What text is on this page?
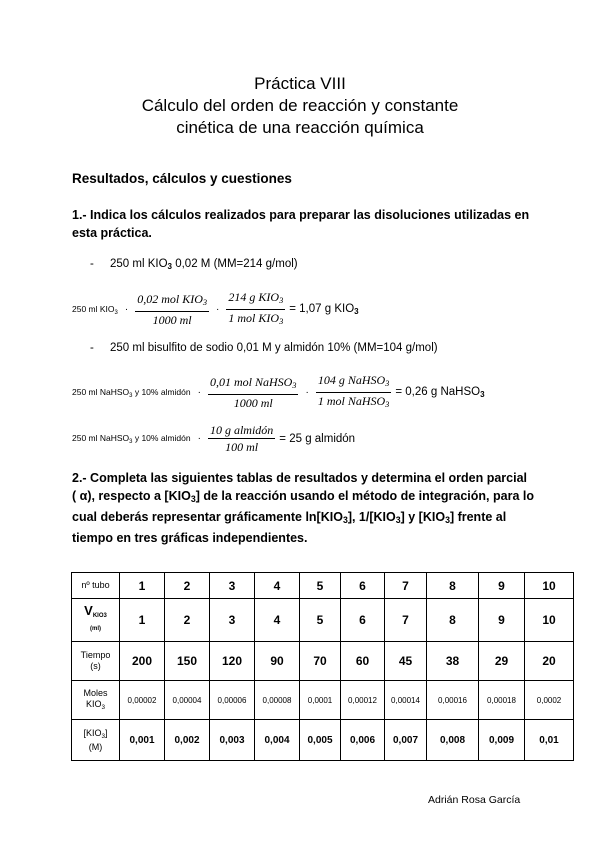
Práctica VIII
Cálculo del orden de reacción y constante
cinética de una reacción química
Resultados, cálculos y cuestiones
1.- Indica los cálculos realizados para preparar las disoluciones utilizadas en
esta práctica.
- 250 ml $KIO_3$ 0,02 M (MM=214 g/mol)
250 ml $KIO_3 \cdot \frac{0,02 mol KIO_3}{1000 ml} \cdot \frac{214 g KIO_3}{1 mol KIO_3} = 1,07$ g $KIO_3$
- 250 ml bisulfito de sodio 0,01 M y almidón 10% (MM=104 g/mol)
250 ml NaHSO$_3$ y 10% almidón · $\frac{0,01 mol NaHSO_3}{1000 ml} \cdot \frac{104 g NaHSO_3}{1 mol NaHSO_3} = 0,26$ g NaHSO$_3$
250 ml NaHSO$_3$ y 10% almidón · $\frac{\text{10 g almidón}}{100 ml} = 25$ g almidón
2.- Completa las siguientes tablas de resultados y determina el orden parcial
( α), respecto a $[KIO_3]$ de la reacción usando el método de integración, para lo
cual deberás representar gráficamente $\ln[KIO_3]$, $1/[KIO_3]$ y $[KIO_3]$ frente al
tiempo en tres gráficas independientes.
nº tubo	1	2	3	4	5	6	7	8	9	10
$V_{KIO3}$
(ml)	1	2	3	4	5	6	7	8	9	10
Tiempo
(s)	200	150	120	90	70	60	45	38	29	20
Moles
$KIO_3$	0,00002	0,00004	0,00006	0,00008	0,0001	0,00012	0,00014	0,00016	0,00018	0,0002
$[KIO_3]$
(M)	0,001	0,002	0,003	0,004	0,005	0,006	0,007	0,008	0,009	0,01
Adrián Rosa García
